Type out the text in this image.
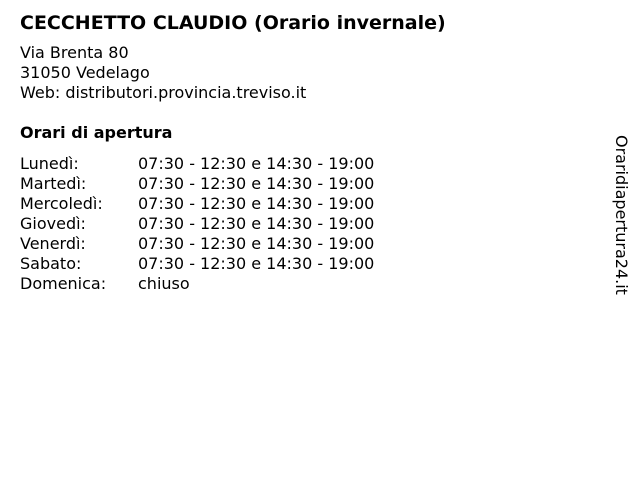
CECCHETTO CLAUDIO (Orario invernale)
Via Brenta 80
31050 Vedelago
Web: distributori.provincia.treviso.it
Orari di apertura
Lunedì:	07:30 - 12:30 e 14:30 - 19:00
Martedì:	07:30 - 12:30 e 14:30 - 19:00
Mercoledì: 07:30 - 12:30 e 14:30 - 19:00
Giovedì:	07:30 - 12:30 e 14:30 - 19:00
Venerdì:	07:30 - 12:30 e 14:30 - 19:00
Sabato:	07:30 - 12:30 e 14:30 - 19:00
Domenica: chiuso	Oraridiapertura24.it
